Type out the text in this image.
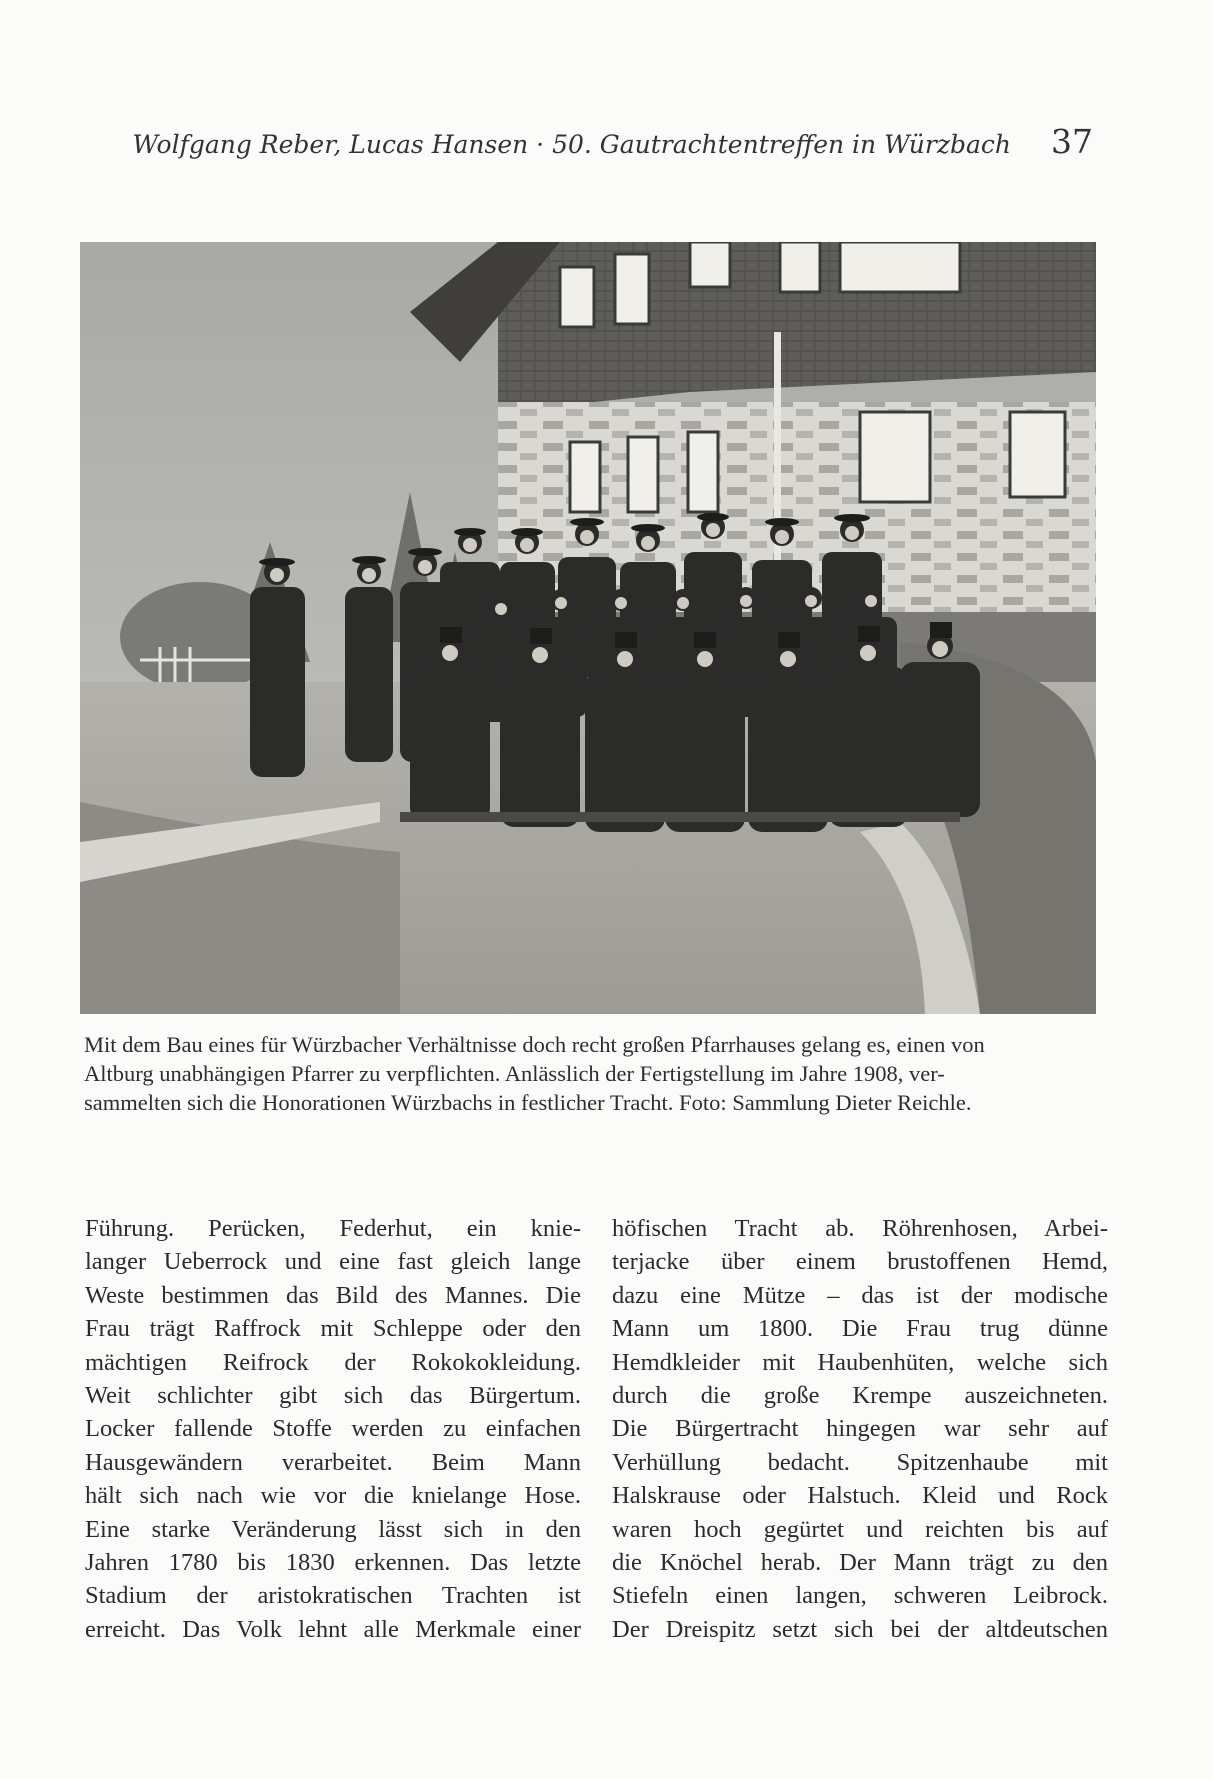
Wolfgang Reber, Lucas Hansen · 50. Gautrachtentreffen in Würzbach 37
Mit dem Bau eines für Würzbacher Verhältnisse doch recht großen Pfarrhauses gelang es, einen von
Altburg unabhängigen Pfarrer zu verpflichten. Anlässlich der Fertigstellung im Jahre 1908, ver-
sammelten sich die Honorationen Würzbachs in festlicher Tracht. Foto: Sammlung Dieter Reichle.
Führung. Perücken, Federhut, ein knie-
langer Ueberrock und eine fast gleich lange
Weste bestimmen das Bild des Mannes. Die
Frau trägt Raffrock mit Schleppe oder den
mächtigen Reifrock der Rokokokleidung.
Weit schlichter gibt sich das Bürgertum.
Locker fallende Stoffe werden zu einfachen
Hausgewändern verarbeitet. Beim Mann
hält sich nach wie vor die knielange Hose.
Eine starke Veränderung lässt sich in den
Jahren 1780 bis 1830 erkennen. Das letzte
Stadium der aristokratischen Trachten ist
erreicht. Das Volk lehnt alle Merkmale einer
höfischen Tracht ab. Röhrenhosen, Arbei-
terjacke über einem brustoffenen Hemd,
dazu eine Mütze – das ist der modische
Mann um 1800. Die Frau trug dünne
Hemdkleider mit Haubenhüten, welche sich
durch die große Krempe auszeichneten.
Die Bürgertracht hingegen war sehr auf
Verhüllung bedacht. Spitzenhaube mit
Halskrause oder Halstuch. Kleid und Rock
waren hoch gegürtet und reichten bis auf
die Knöchel herab. Der Mann trägt zu den
Stiefeln einen langen, schweren Leibrock.
Der Dreispitz setzt sich bei der altdeutschen
